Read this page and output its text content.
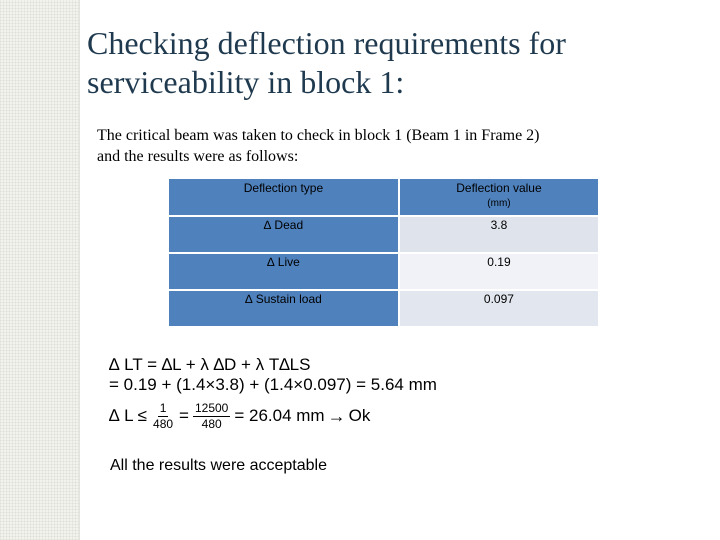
Checking deflection requirements for
serviceability in block 1:
The critical beam was taken to check in block 1 (Beam 1 in Frame 2)
and the results were as follows:
Deflection type	Deflection value
(mm)

∆ Dead	3.8
∆ Live	0.19
∆ Sustain load	0.097
∆ LT = ∆L + λ ∆D + λ T∆LS
= 0.19 + (1.4×3.8) + (1.4×0.097) = 5.64 mm
∆ $L \le \frac{1}{480} = \frac{12500}{480} = 26.04$ mm → Ok
All the results were acceptable
